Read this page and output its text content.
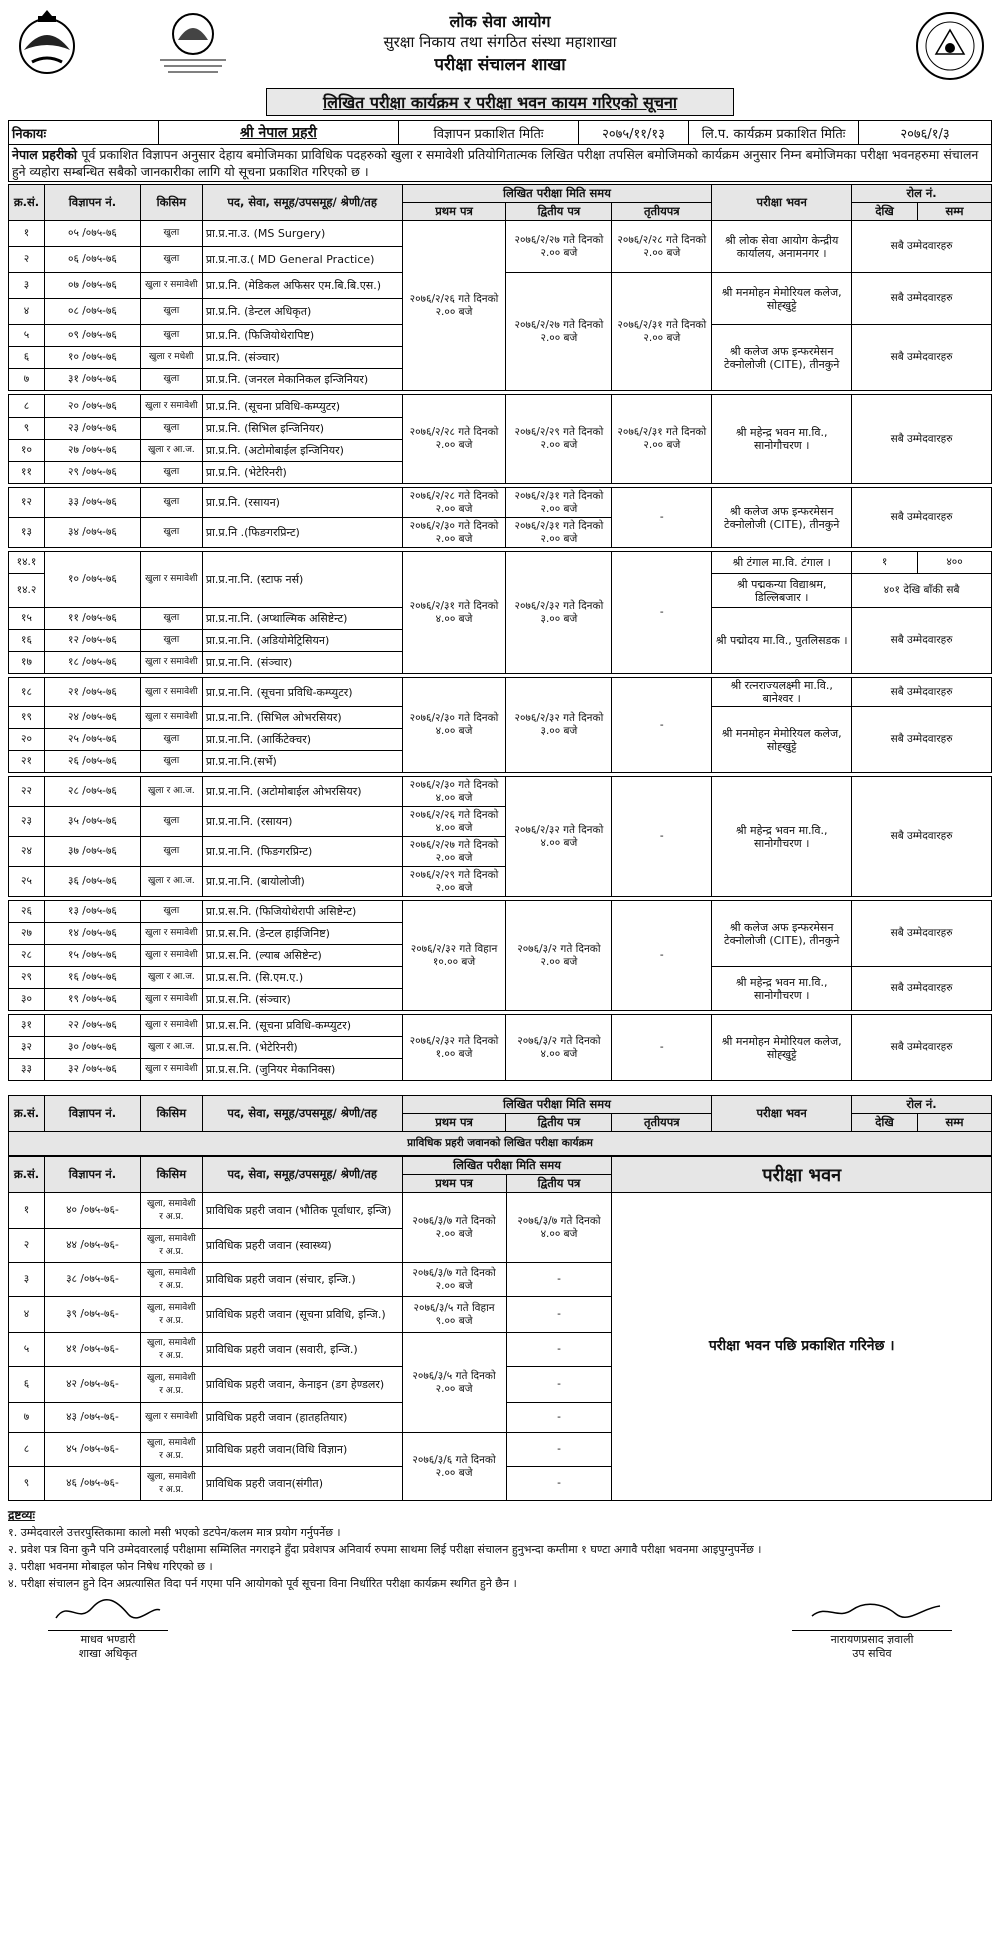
लोक सेवा आयोग
सुरक्षा निकाय तथा संगठित संस्था महाशाखा
परीक्षा संचालन शाखा
लिखित परीक्षा कार्यक्रम र परीक्षा भवन कायम गरिएको सूचना
निकायः	श्री नेपाल प्रहरी	विज्ञापन प्रकाशित मितिः	२०७५/११/१३	लि.प. कार्यक्रम प्रकाशित मितिः	२०७६/१/३
नेपाल प्रहरीको पूर्व प्रकाशित विज्ञापन अनुसार देहाय बमोजिमका प्राविधिक पदहरुको खुला र समावेशी प्रतियोगितात्मक लिखित परीक्षा तपसिल बमोजिमको कार्यक्रम अनुसार निम्न बमोजिमका परीक्षा भवनहरुमा संचालन हुने व्यहोरा सम्बन्धित सबैको जानकारीका लागि यो सूचना प्रकाशित गरिएको छ ।
क्र.सं.	विज्ञापन नं.	किसिम	पद, सेवा, समूह/उपसमूह/ श्रेणी/तह	लिखित परीक्षा मिति समय			परीक्षा भवन	रोल नं.	
				प्रथम पत्र	द्वितीय पत्र	तृतीयपत्र		देखि	सम्म
१	०५ /०७५-७६	खुला	प्रा.प्र.ना.उ. (MS Surgery)	२०७६/२/२६ गते दिनको २.०० बजे	२०७६/२/२७ गते दिनको २.०० बजे	२०७६/२/२८ गते दिनको २.०० बजे	श्री लोक सेवा आयोग केन्द्रीय कार्यालय, अनामनगर ।	सबै उम्मेदवारहरु	
२	०६ /०७५-७६	खुला	प्रा.प्र.ना.उ.( MD General Practice)						
३	०७ /०७५-७६	खुला र समावेशी	प्रा.प्र.नि. (मेडिकल अफिसर एम.बि.बि.एस.)		२०७६/२/२७ गते दिनको २.०० बजे	२०७६/२/३१ गते दिनको २.०० बजे	श्री मनमोहन मेमोरियल कलेज, सोह्खुट्टे	सबै उम्मेदवारहरु	
४	०८ /०७५-७६	खुला	प्रा.प्र.नि. (डेन्टल अधिकृत)						
५	०९ /०७५-७६	खुला	प्रा.प्र.नि. (फिजियोथेरापिष्ट)				श्री कलेज अफ इन्फरमेसन टेक्नोलोजी (CITE), तीनकुने	सबै उम्मेदवारहरु	
६	१० /०७५-७६	खुला र मधेशी	प्रा.प्र.नि. (संञ्चार)						
७	३१ /०७५-७६	खुला	प्रा.प्र.नि. (जनरल मेकानिकल इन्जिनियर)						

८	२० /०७५-७६	खुला र समावेशी	प्रा.प्र.नि. (सूचना प्रविधि-कम्प्युटर)	२०७६/२/२८ गते दिनको २.०० बजे	२०७६/२/२९ गते दिनको २.०० बजे	२०७६/२/३१ गते दिनको २.०० बजे	श्री महेन्द्र भवन मा.वि., सानोगौचरण ।	सबै उम्मेदवारहरु	
९	२३ /०७५-७६	खुला	प्रा.प्र.नि. (सिभिल इन्जिनियर)						
१०	२७ /०७५-७६	खुला र आ.ज.	प्रा.प्र.नि. (अटोमोबाईल इन्जिनियर)						
११	२९ /०७५-७६	खुला	प्रा.प्र.नि. (भेटेरिनरी)						

१२	३३ /०७५-७६	खुला	प्रा.प्र.नि. (रसायन)	२०७६/२/२८ गते दिनको २.०० बजे	२०७६/२/३१ गते दिनको २.०० बजे	-	श्री कलेज अफ इन्फरमेसन टेक्नोलोजी (CITE), तीनकुने	सबै उम्मेदवारहरु	
१३	३४ /०७५-७६	खुला	प्रा.प्र.नि .(फिङगरप्रिन्ट)	२०७६/२/३० गते दिनको २.०० बजे	२०७६/२/३१ गते दिनको २.०० बजे				

१४.१	१० /०७५-७६	खुला र समावेशी	प्रा.प्र.ना.नि. (स्टाफ नर्स)	२०७६/२/३१ गते दिनको ४.०० बजे	२०७६/२/३२ गते दिनको ३.०० बजे	-	श्री टंगाल मा.वि. टंगाल ।	१	४००
१४.२							श्री पद्मकन्या विद्याश्रम, डिल्लिबजार ।	४०१ देखि बाँकी सबै	
१५	११ /०७५-७६	खुला	प्रा.प्र.ना.नि. (अप्थाल्मिक असिष्टेन्ट)				श्री पद्मोदय मा.वि., पुतलिसडक ।	सबै उम्मेदवारहरु	
१६	१२ /०७५-७६	खुला	प्रा.प्र.ना.नि. (अडियोमेट्रिसियन)						
१७	१८ /०७५-७६	खुला र समावेशी	प्रा.प्र.ना.नि. (संञ्चार)						

१८	२१ /०७५-७६	खुला र समावेशी	प्रा.प्र.ना.नि. (सूचना प्रविधि-कम्प्युटर)	२०७६/२/३० गते दिनको ४.०० बजे	२०७६/२/३२ गते दिनको ३.०० बजे	-	श्री रत्नराज्यलक्ष्मी मा.वि., बानेश्वर ।	सबै उम्मेदवारहरु	
१९	२४ /०७५-७६	खुला र समावेशी	प्रा.प्र.ना.नि. (सिभिल ओभरसियर)				श्री मनमोहन मेमोरियल कलेज, सोह्खुट्टे	सबै उम्मेदवारहरु	
२०	२५ /०७५-७६	खुला	प्रा.प्र.ना.नि. (आर्किटेक्चर)						
२१	२६ /०७५-७६	खुला	प्रा.प्र.ना.नि.(सर्भे)						

२२	२८ /०७५-७६	खुला र आ.ज.	प्रा.प्र.ना.नि. (अटोमोबाईल ओभरसियर)	२०७६/२/३० गते दिनको ४.०० बजे	२०७६/२/३२ गते दिनको ४.०० बजे	-	श्री महेन्द्र भवन मा.वि., सानोगौचरण ।	सबै उम्मेदवारहरु	
२३	३५ /०७५-७६	खुला	प्रा.प्र.ना.नि. (रसायन)	२०७६/२/२६ गते दिनको ४.०० बजे					
२४	३७ /०७५-७६	खुला	प्रा.प्र.ना.नि. (फिङगरप्रिन्ट)	२०७६/२/२७ गते दिनको २.०० बजे					
२५	३६ /०७५-७६	खुला र आ.ज.	प्रा.प्र.ना.नि. (बायोलोजी)	२०७६/२/२९ गते दिनको २.०० बजे					

२६	१३ /०७५-७६	खुला	प्रा.प्र.स.नि. (फिजियोथेरापी असिष्टेन्ट)	२०७६/२/३२ गते विहान १०.०० बजे	२०७६/३/२ गते दिनको २.०० बजे	-	श्री कलेज अफ इन्फरमेसन टेक्नोलोजी (CITE), तीनकुने	सबै उम्मेदवारहरु	
२७	१४ /०७५-७६	खुला र समावेशी	प्रा.प्र.स.नि. (डेन्टल हाईजिनिष्ट)						
२८	१५ /०७५-७६	खुला र समावेशी	प्रा.प्र.स.नि. (ल्याब असिष्टेन्ट)						
२९	१६ /०७५-७६	खुला र आ.ज.	प्रा.प्र.स.नि. (सि.एम.ए.)				श्री महेन्द्र भवन मा.वि., सानोगौचरण ।	सबै उम्मेदवारहरु	
३०	१९ /०७५-७६	खुला र समावेशी	प्रा.प्र.स.नि. (संञ्चार)						

३१	२२ /०७५-७६	खुला र समावेशी	प्रा.प्र.स.नि. (सूचना प्रविधि-कम्प्युटर)	२०७६/२/३२ गते दिनको १.०० बजे	२०७६/३/२ गते दिनको ४.०० बजे	-	श्री मनमोहन मेमोरियल कलेज, सोह्खुट्टे	सबै उम्मेदवारहरु	
३२	३० /०७५-७६	खुला र आ.ज.	प्रा.प्र.स.नि. (भेटेरिनरी)						
३३	३२ /०७५-७६	खुला र समावेशी	प्रा.प्र.स.नि. (जुनियर मेकानिक्स)						
क्र.सं.	विज्ञापन नं.	किसिम	पद, सेवा, समूह/उपसमूह/ श्रेणी/तह	लिखित परीक्षा मिति समय			परीक्षा भवन	रोल नं.	
				प्रथम पत्र	द्वितीय पत्र	तृतीयपत्र		देखि	सम्म
प्राविधिक प्रहरी जवानको लिखित परीक्षा कार्यक्रम									
क्र.सं.	विज्ञापन नं.	किसिम	पद, सेवा, समूह/उपसमूह/ श्रेणी/तह	लिखित परीक्षा मिति समय		परीक्षा भवन
				प्रथम पत्र	द्वितीय पत्र	
१	४० /०७५-७६-	खुला, समावेशी र अ.प्र.	प्राविधिक प्रहरी जवान (भौतिक पूर्वाधार, इन्जि)	२०७६/३/७ गते दिनको २.०० बजे	२०७६/३/७ गते दिनको ४.०० बजे	परीक्षा भवन पछि प्रकाशित गरिनेछ ।
२	४४ /०७५-७६-	खुला, समावेशी र अ.प्र.	प्राविधिक प्रहरी जवान (स्वास्थ्य)			
३	३८ /०७५-७६-	खुला, समावेशी र अ.प्र.	प्राविधिक प्रहरी जवान (संचार, इन्जि.)	२०७६/३/७ गते दिनको २.०० बजे	-	
४	३९ /०७५-७६-	खुला, समावेशी र अ.प्र.	प्राविधिक प्रहरी जवान (सूचना प्रविधि, इन्जि.)	२०७६/३/५ गते विहान ९.०० बजे	-	
५	४१ /०७५-७६-	खुला, समावेशी र अ.प्र.	प्राविधिक प्रहरी जवान (सवारी, इन्जि.)	२०७६/३/५ गते दिनको २.०० बजे	-	
६	४२ /०७५-७६-	खुला, समावेशी र अ.प्र.	प्राविधिक प्रहरी जवान, केनाइन (डग हेण्डलर)		-	
७	४३ /०७५-७६-	खुला र समावेशी	प्राविधिक प्रहरी जवान (हातहतियार)		-	
८	४५ /०७५-७६-	खुला, समावेशी र अ.प्र.	प्राविधिक प्रहरी जवान(विधि विज्ञान)	२०७६/३/६ गते दिनको २.०० बजे	-	
९	४६ /०७५-७६-	खुला, समावेशी र अ.प्र.	प्राविधिक प्रहरी जवान(संगीत)		-	
द्रष्टव्यः
१. उम्मेदवारले उत्तरपुस्तिकामा कालो मसी भएको डटपेन/कलम मात्र प्रयोग गर्नुपर्नेछ ।
२. प्रवेश पत्र विना कुनै पनि उम्मेदवारलाई परीक्षामा सम्मिलित नगराइने हुँदा प्रवेशपत्र अनिवार्य रुपमा साथमा लिई परीक्षा संचालन हुनुभन्दा कम्तीमा १ घण्टा अगावै परीक्षा भवनमा आइपुग्नुपर्नेछ ।
३. परीक्षा भवनमा मोबाइल फोन निषेध गरिएको छ ।
४. परीक्षा संचालन हुने दिन अप्रत्यासित विदा पर्न गएमा पनि आयोगको पूर्व सूचना विना निर्धारित परीक्षा कार्यक्रम स्थगित हुने छैन ।
माधव भण्डारी
शाखा अधिकृत
नारायणप्रसाद ज्ञवाली
उप सचिव
